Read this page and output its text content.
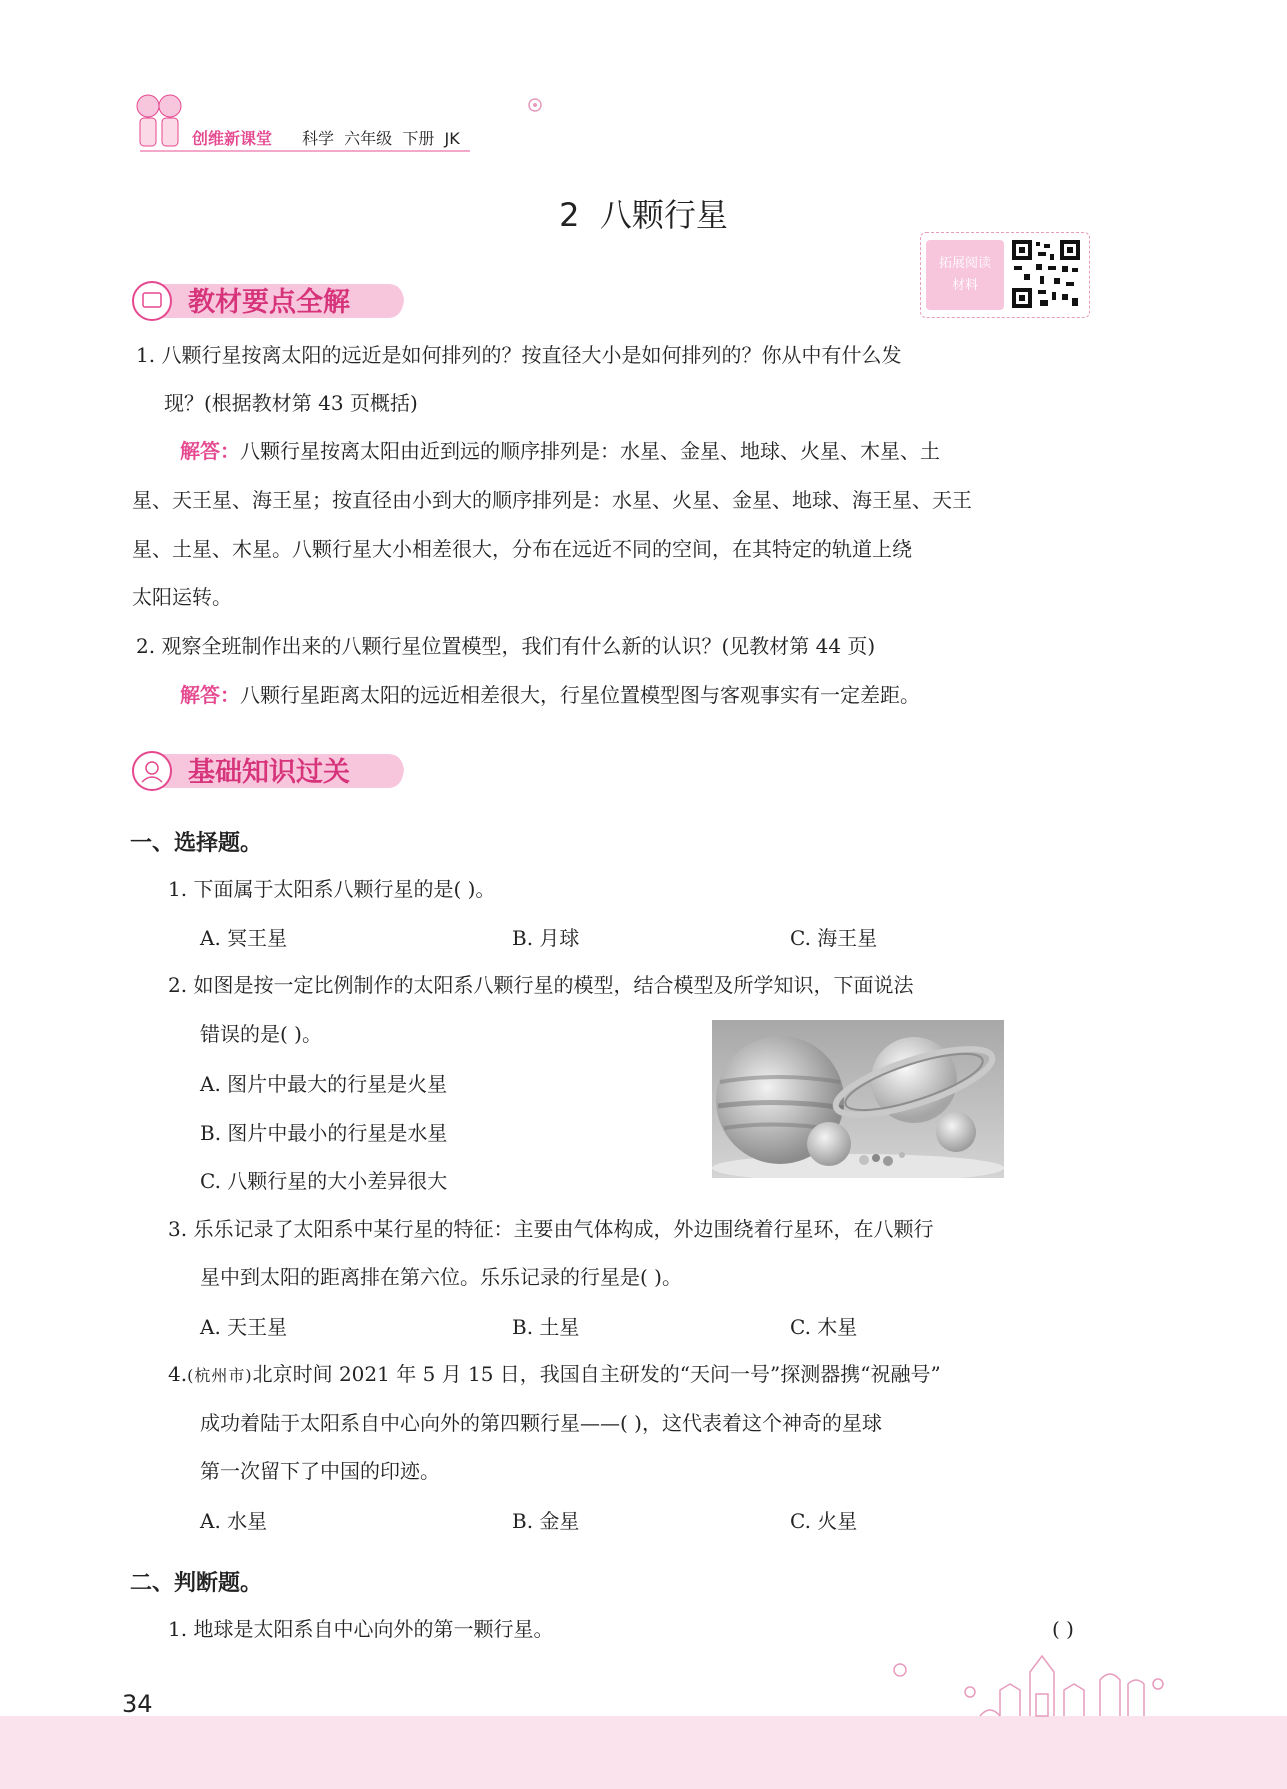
创维新课堂 科学  六年级  下册  JK
2  八颗行星
拓展阅读
材料
教材要点全解
1. 八颗行星按离太阳的远近是如何排列的？按直径大小是如何排列的？你从中有什么发
现？(根据教材第 43 页概括)
解答：八颗行星按离太阳由近到远的顺序排列是：水星、金星、地球、火星、木星、土
星、天王星、海王星；按直径由小到大的顺序排列是：水星、火星、金星、地球、海王星、天王
星、土星、木星。八颗行星大小相差很大，分布在远近不同的空间，在其特定的轨道上绕
太阳运转。
2. 观察全班制作出来的八颗行星位置模型，我们有什么新的认识？(见教材第 44 页)
解答：八颗行星距离太阳的远近相差很大，行星位置模型图与客观事实有一定差距。
基础知识过关
一、选择题。
1. 下面属于太阳系八颗行星的是( )。
A. 冥王星	B. 月球	C. 海王星
2. 如图是按一定比例制作的太阳系八颗行星的模型，结合模型及所学知识，下面说法
错误的是( )。
A. 图片中最大的行星是火星
B. 图片中最小的行星是水星
C. 八颗行星的大小差异很大
3. 乐乐记录了太阳系中某行星的特征：主要由气体构成，外边围绕着行星环，在八颗行
星中到太阳的距离排在第六位。乐乐记录的行星是( )。
A. 天王星	B. 土星	C. 木星
4.(杭州市)北京时间 2021 年 5 月 15 日，我国自主研发的“天问一号”探测器携“祝融号”
成功着陆于太阳系自中心向外的第四颗行星——( )，这代表着这个神奇的星球
第一次留下了中国的印迹。
A. 水星	B. 金星	C. 火星
二、判断题。
1. 地球是太阳系自中心向外的第一颗行星。	( )
34
